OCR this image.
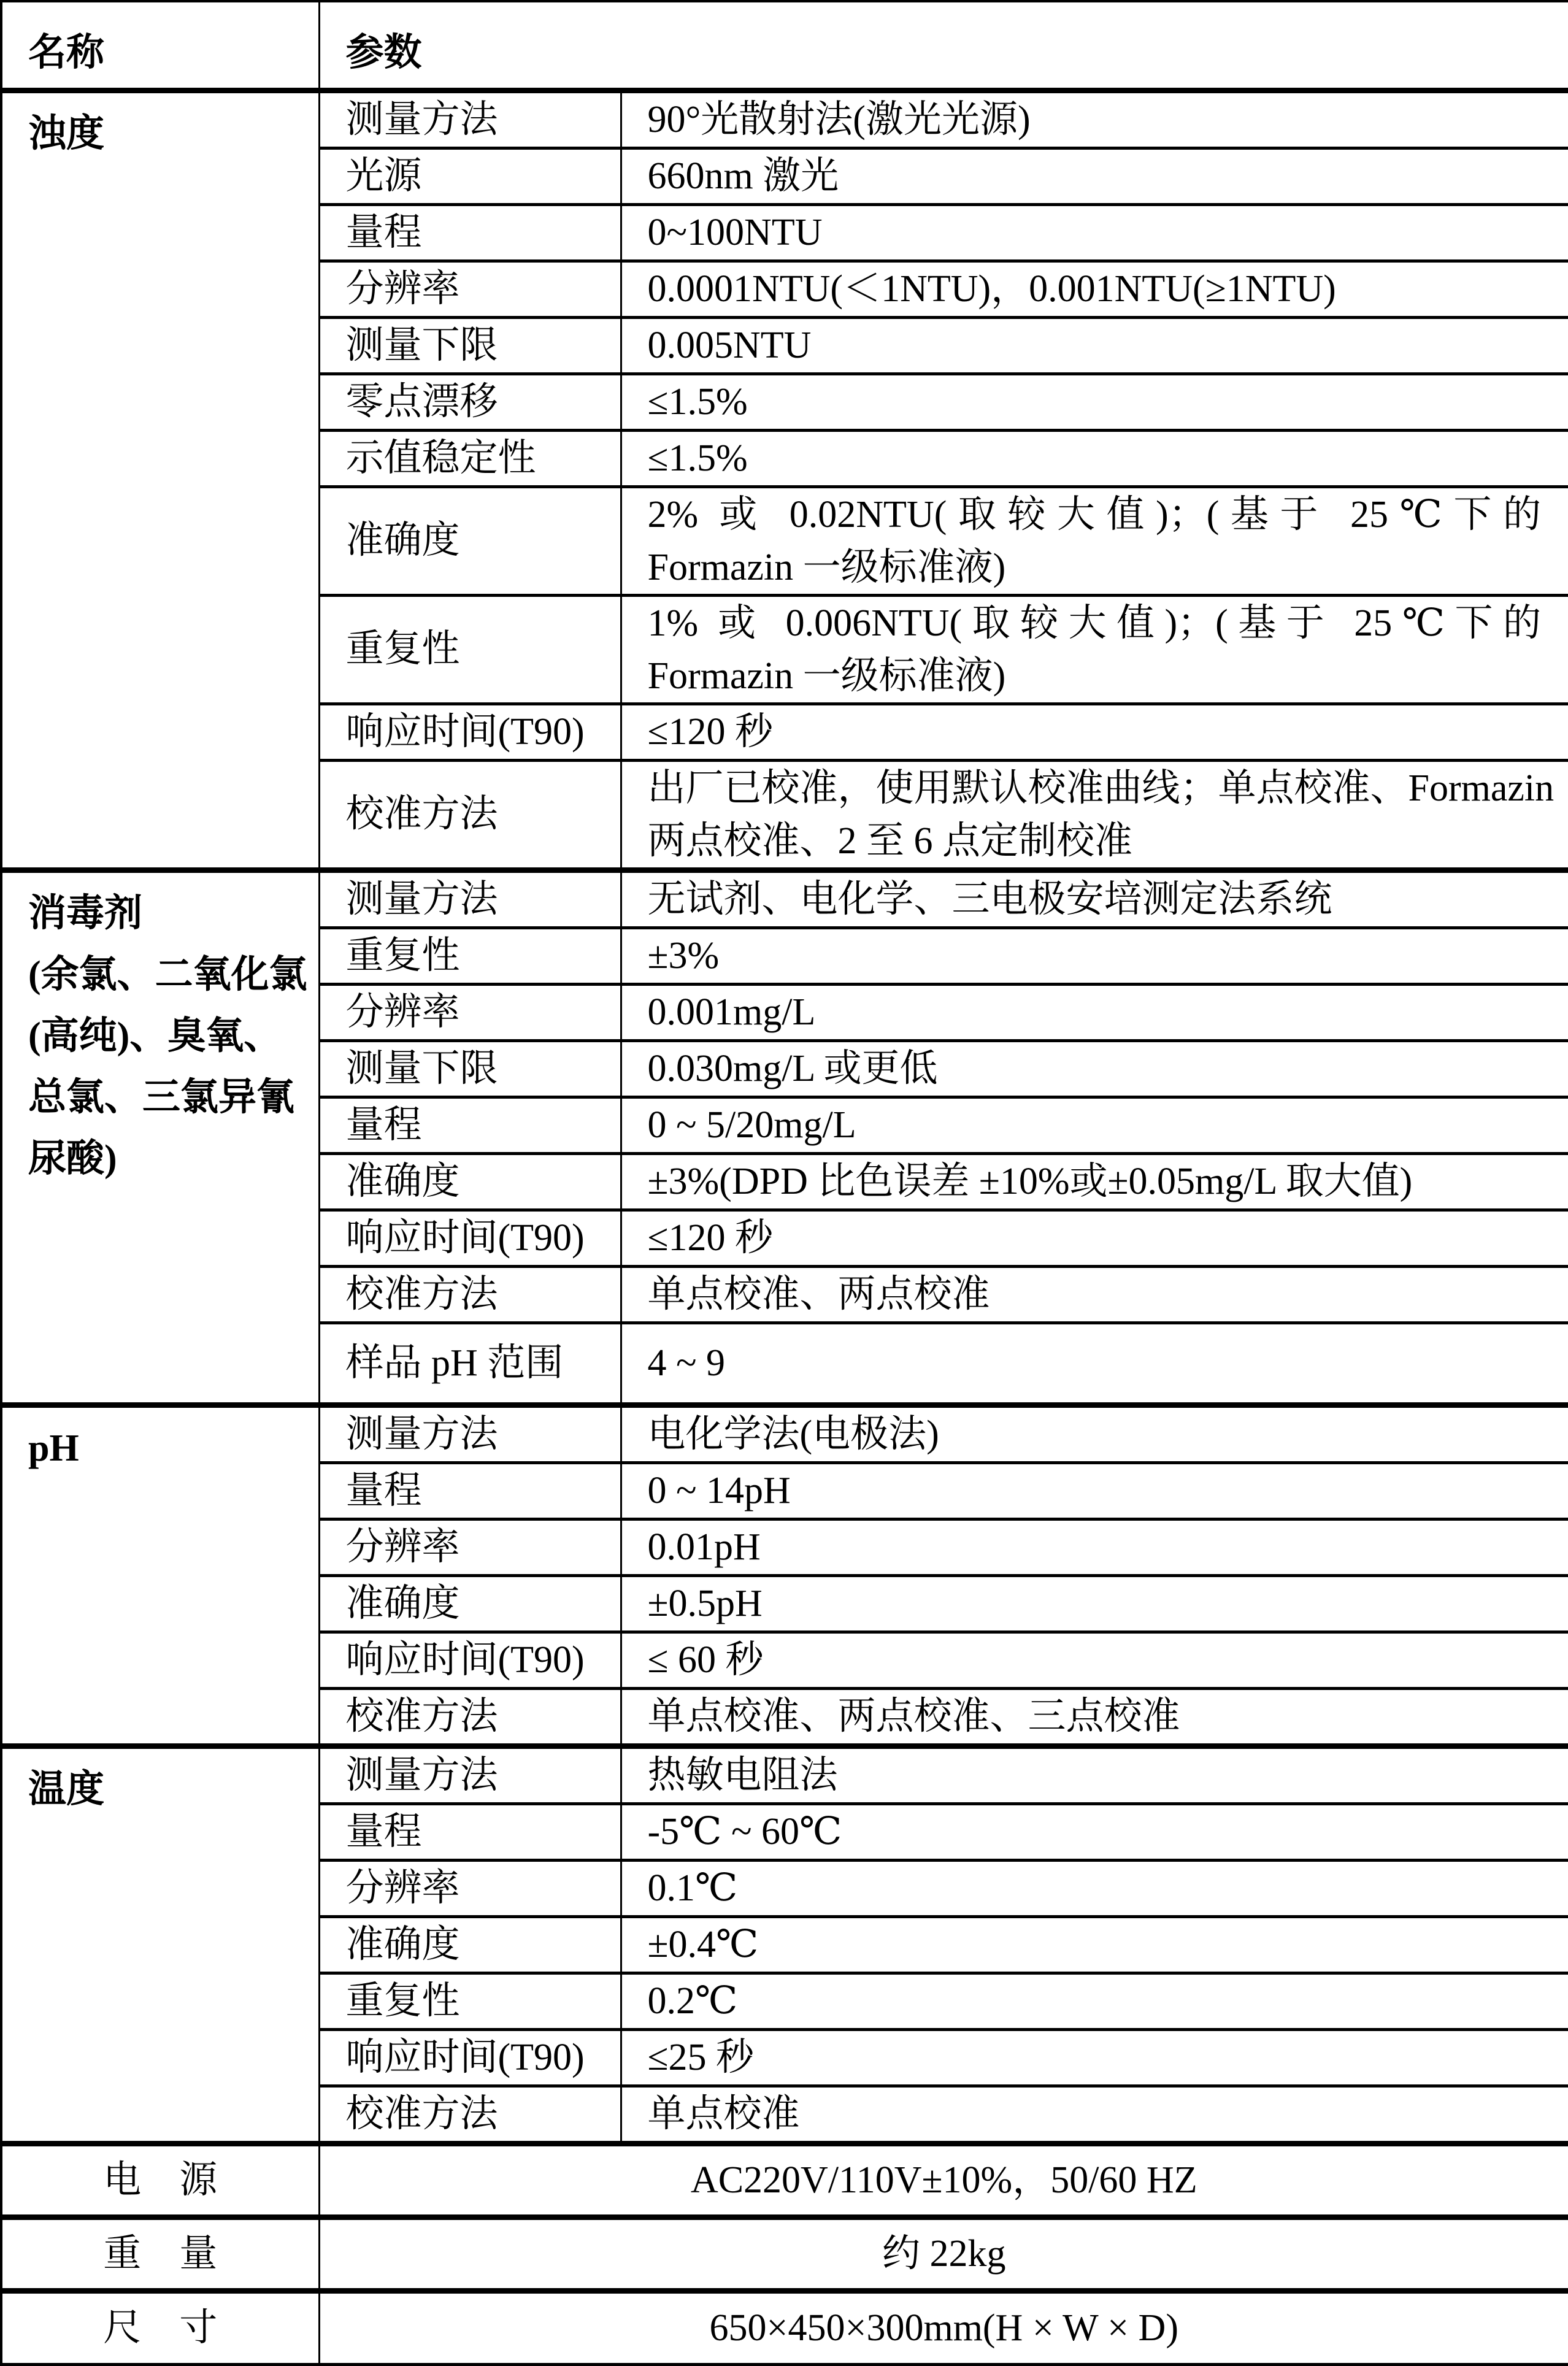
名称	参数	

浊度	测量方法	90°光散射法(激光光源)

	光源	660nm 激光

	量程	0~100NTU

	分辨率	0.0001NTU(＜1NTU)，0.001NTU(≥1NTU)

	测量下限	0.005NTU

	零点漂移	≤1.5%

	示值稳定性	≤1.5%

	准确度	2% 或 0.02NTU(取较大值)；(基于 25℃下的
Formazin 一级标准液)

	重复性	1% 或 0.006NTU(取较大值)；(基于 25℃下的
Formazin 一级标准液)

	响应时间(T90)	≤120 秒

	校准方法	出厂已校准，使用默认校准曲线；单点校准、Formazin
两点校准、2 至 6 点定制校准

消毒剂
(余氯、二氧化氯
(高纯)、臭氧、
总氯、三氯异氰
尿酸)	测量方法	无试剂、电化学、三电极安培测定法系统

	重复性	±3%

	分辨率	0.001mg/L

	测量下限	0.030mg/L 或更低

	量程	0 ~ 5/20mg/L

	准确度	±3%(DPD 比色误差 ±10%或±0.05mg/L 取大值)

	响应时间(T90)	≤120 秒

	校准方法	单点校准、两点校准

	样品 pH 范围	4 ~ 9

pH	测量方法	电化学法(电极法)

	量程	0 ~ 14pH

	分辨率	0.01pH

	准确度	±0.5pH

	响应时间(T90)	≤ 60 秒

	校准方法	单点校准、两点校准、三点校准

温度	测量方法	热敏电阻法

	量程	-5℃ ~ 60℃

	分辨率	0.1℃

	准确度	±0.4℃

	重复性	0.2℃

	响应时间(T90)	≤25 秒

	校准方法	单点校准

电　源	AC220V/110V±10%，50/60 HZ	
重　量	约 22kg	
尺　寸	650×450×300mm(H × W × D)	
